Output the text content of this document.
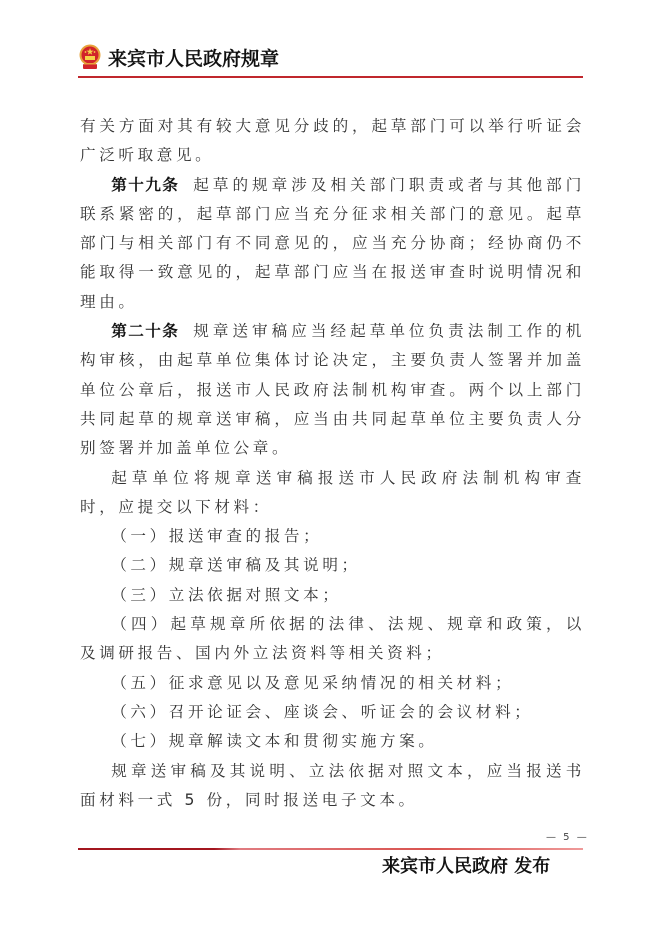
来宾市人民政府规章

有关方面对其有较大意见分歧的，起草部门可以举行听证会广泛听取意见。

第十九条 起草的规章涉及相关部门职责或者与其他部门联系紧密的，起草部门应当充分征求相关部门的意见。起草部门与相关部门有不同意见的，应当充分协商；经协商仍不能取得一致意见的，起草部门应当在报送审查时说明情况和理由。

第二十条 规章送审稿应当经起草单位负责法制工作的机构审核，由起草单位集体讨论决定，主要负责人签署并加盖单位公章后，报送市人民政府法制机构审查。两个以上部门共同起草的规章送审稿，应当由共同起草单位主要负责人分别签署并加盖单位公章。

起草单位将规章送审稿报送市人民政府法制机构审查时，应提交以下材料：

（一）报送审查的报告；

（二）规章送审稿及其说明；

（三）立法依据对照文本；

（四）起草规章所依据的法律、法规、规章和政策，以及调研报告、国内外立法资料等相关资料；

（五）征求意见以及意见采纳情况的相关材料；

（六）召开论证会、座谈会、听证会的会议材料；

（七）规章解读文本和贯彻实施方案。

规章送审稿及其说明、立法依据对照文本，应当报送书面材料一式 5 份，同时报送电子文本。

— 5 —
来宾市人民政府 发布
